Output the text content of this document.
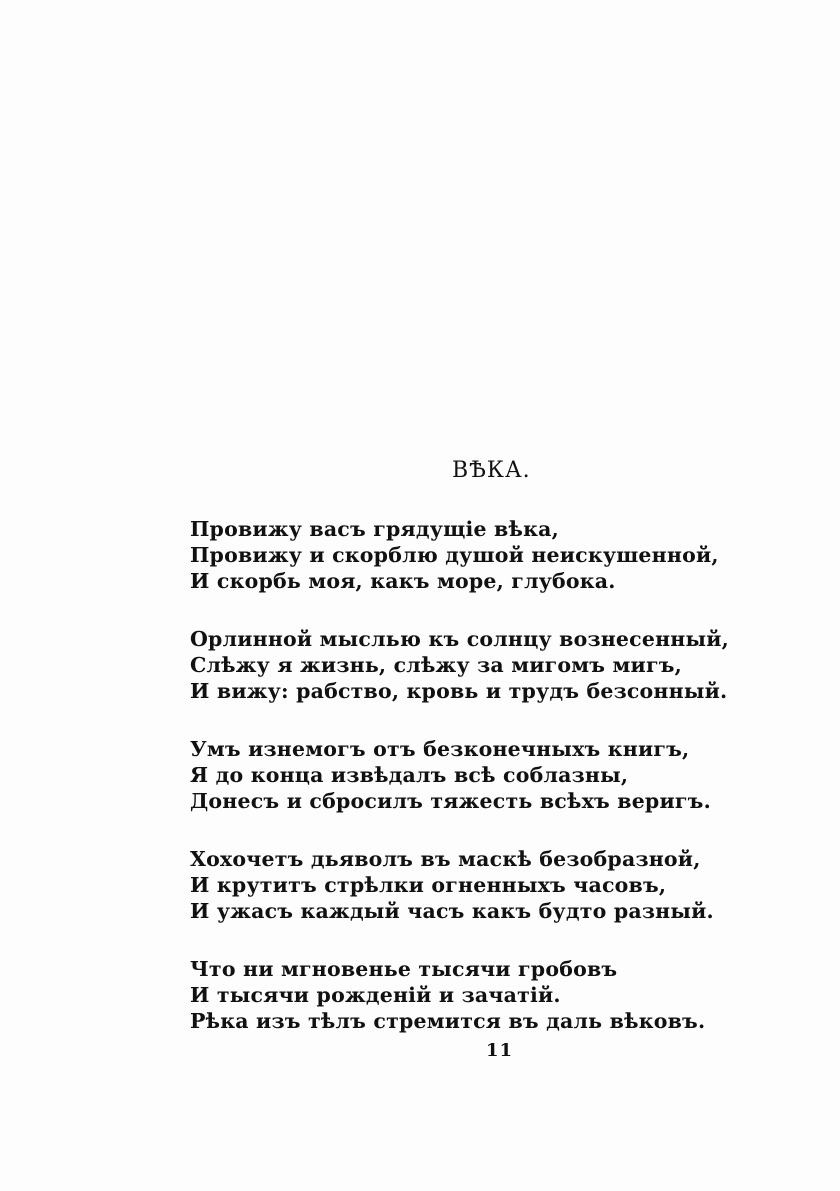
ВѢКА.
Провижу васъ грядущіе вѣка,
Провижу и скорблю душой неискушенной,
И скорбь моя, какъ море, глубока.
Орлинной мыслью къ солнцу вознесенный,
Слѣжу я жизнь, слѣжу за мигомъ мигъ,
И вижу: рабство, кровь и трудъ безсонный.
Умъ изнемогъ отъ безконечныхъ книгъ,
Я до конца извѣдалъ всѣ соблазны,
Донесъ и сбросилъ тяжесть всѣхъ веригъ.
Хохочетъ дьяволъ въ маскѣ безобразной,
И крутитъ стрѣлки огненныхъ часовъ,
И ужасъ каждый часъ какъ будто разный.
Что ни мгновенье тысячи гробовъ
И тысячи рожденій и зачатій.
Рѣка изъ тѣлъ стремится въ даль вѣковъ.
11
